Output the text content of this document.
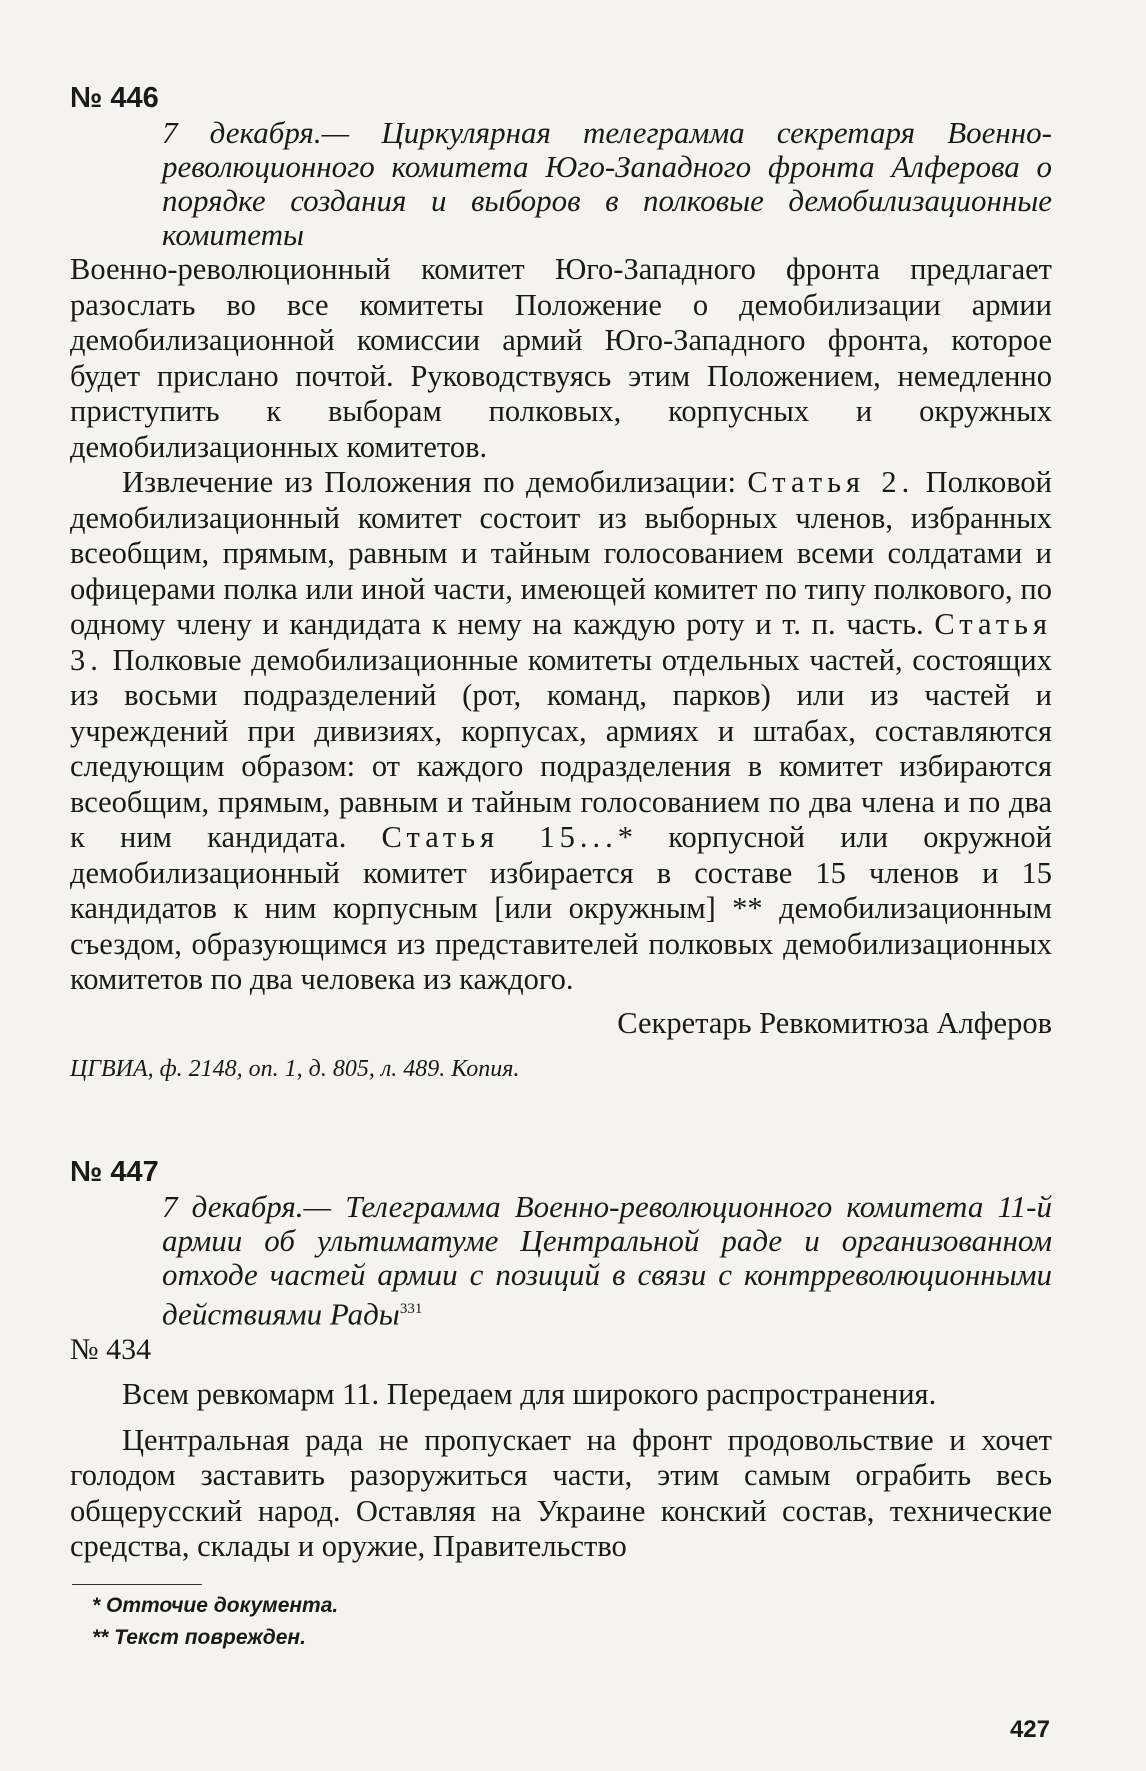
№ 446
7 декабря.— Циркулярная телеграмма секретаря Военно-революционного комитета Юго-Западного фронта Алферова о порядке создания и выборов в полковые демобилизационные комитеты

Военно-революционный комитет Юго-Западного фронта предлагает разослать во все комитеты Положение о демобилизации армии демобилизационной комиссии армий Юго-Западного фронта, которое будет прислано почтой. Руководствуясь этим Положением, немедленно приступить к выборам полковых, корпусных и окружных демобилизационных комитетов.

Извлечение из Положения по демобилизации: Статья 2. Полковой демобилизационный комитет состоит из выборных членов, избранных всеобщим, прямым, равным и тайным голосованием всеми солдатами и офицерами полка или иной части, имеющей комитет по типу полкового, по одному члену и кандидата к нему на каждую роту и т. п. часть. Статья 3. Полковые демобилизационные комитеты отдельных частей, состоящих из восьми подразделений (рот, команд, парков) или из частей и учреждений при дивизиях, корпусах, армиях и штабах, составляются следующим образом: от каждого подразделения в комитет избираются всеобщим, прямым, равным и тайным голосованием по два члена и по два к ним кандидата. Статья 15...* корпусной или окружной демобилизационный комитет избирается в составе 15 членов и 15 кандидатов к ним корпусным [или окружным] ** демобилизационным съездом, образующимся из представителей полковых демобилизационных комитетов по два человека из каждого.

Секретарь Ревкомитюза Алферов
ЦГВИА, ф. 2148, оп. 1, д. 805, л. 489. Копия.
№ 447
7 декабря.— Телеграмма Военно-революционного комитета 11-й армии об ультиматуме Центральной раде и организованном отходе частей армии с позиций в связи с контрреволюционными действиями Рады$^{331}$
№ 434

Всем ревкомарм 11. Передаем для широкого распространения.

Центральная рада не пропускает на фронт продовольствие и хочет голодом заставить разоружиться части, этим самым ограбить весь общерусский народ. Оставляя на Украине конский состав, технические средства, склады и оружие, Правительство

* Отточие документа.
** Текст поврежден.
427
